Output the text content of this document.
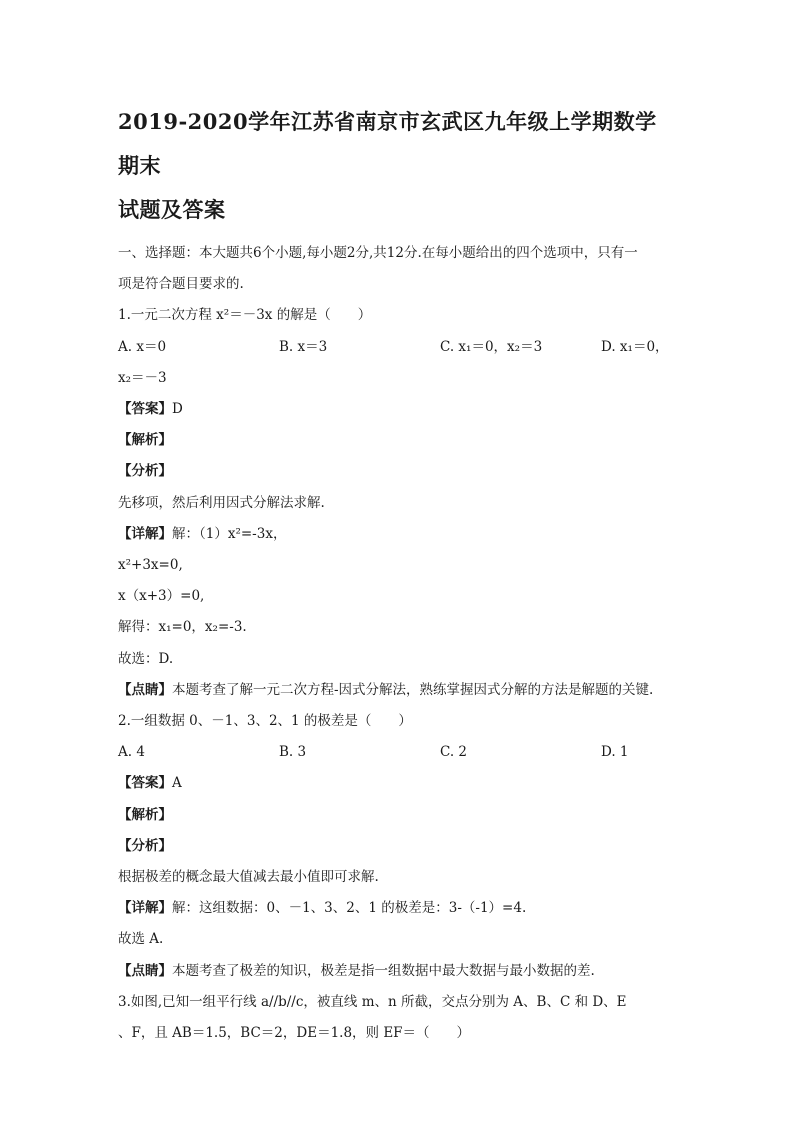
2019-2020学年江苏省南京市玄武区九年级上学期数学期末
试题及答案

一、选择题：本大题共6个小题,每小题2分,共12分.在每小题给出的四个选项中，只有一

项是符合题目要求的.

1.一元二次方程 x²＝－3x 的解是（　　）

A. x＝0	B. x＝3	C. x₁＝0，x₂＝3	D. x₁＝0，

x₂＝－3

【答案】D

【解析】

【分析】

先移项，然后利用因式分解法求解.

【详解】解：（1）x²=-3x，

x²+3x=0,

x（x+3）=0,

解得：x₁=0，x₂=-3.

故选：D.

【点睛】本题考查了解一元二次方程-因式分解法，熟练掌握因式分解的方法是解题的关键.

2.一组数据 0、－1、3、2、1 的极差是（　　）

A. 4	B. 3	C. 2	D. 1

【答案】A

【解析】

【分析】

根据极差的概念最大值减去最小值即可求解.

【详解】解：这组数据：0、－1、3、2、1 的极差是：3-（-1）=4.

故选 A.

【点睛】本题考查了极差的知识，极差是指一组数据中最大数据与最小数据的差.

3.如图,已知一组平行线 a//b//c，被直线 m、n 所截，交点分别为 A、B、C 和 D、E

、F，且 AB＝1.5，BC＝2，DE＝1.8，则 EF＝（　　）
